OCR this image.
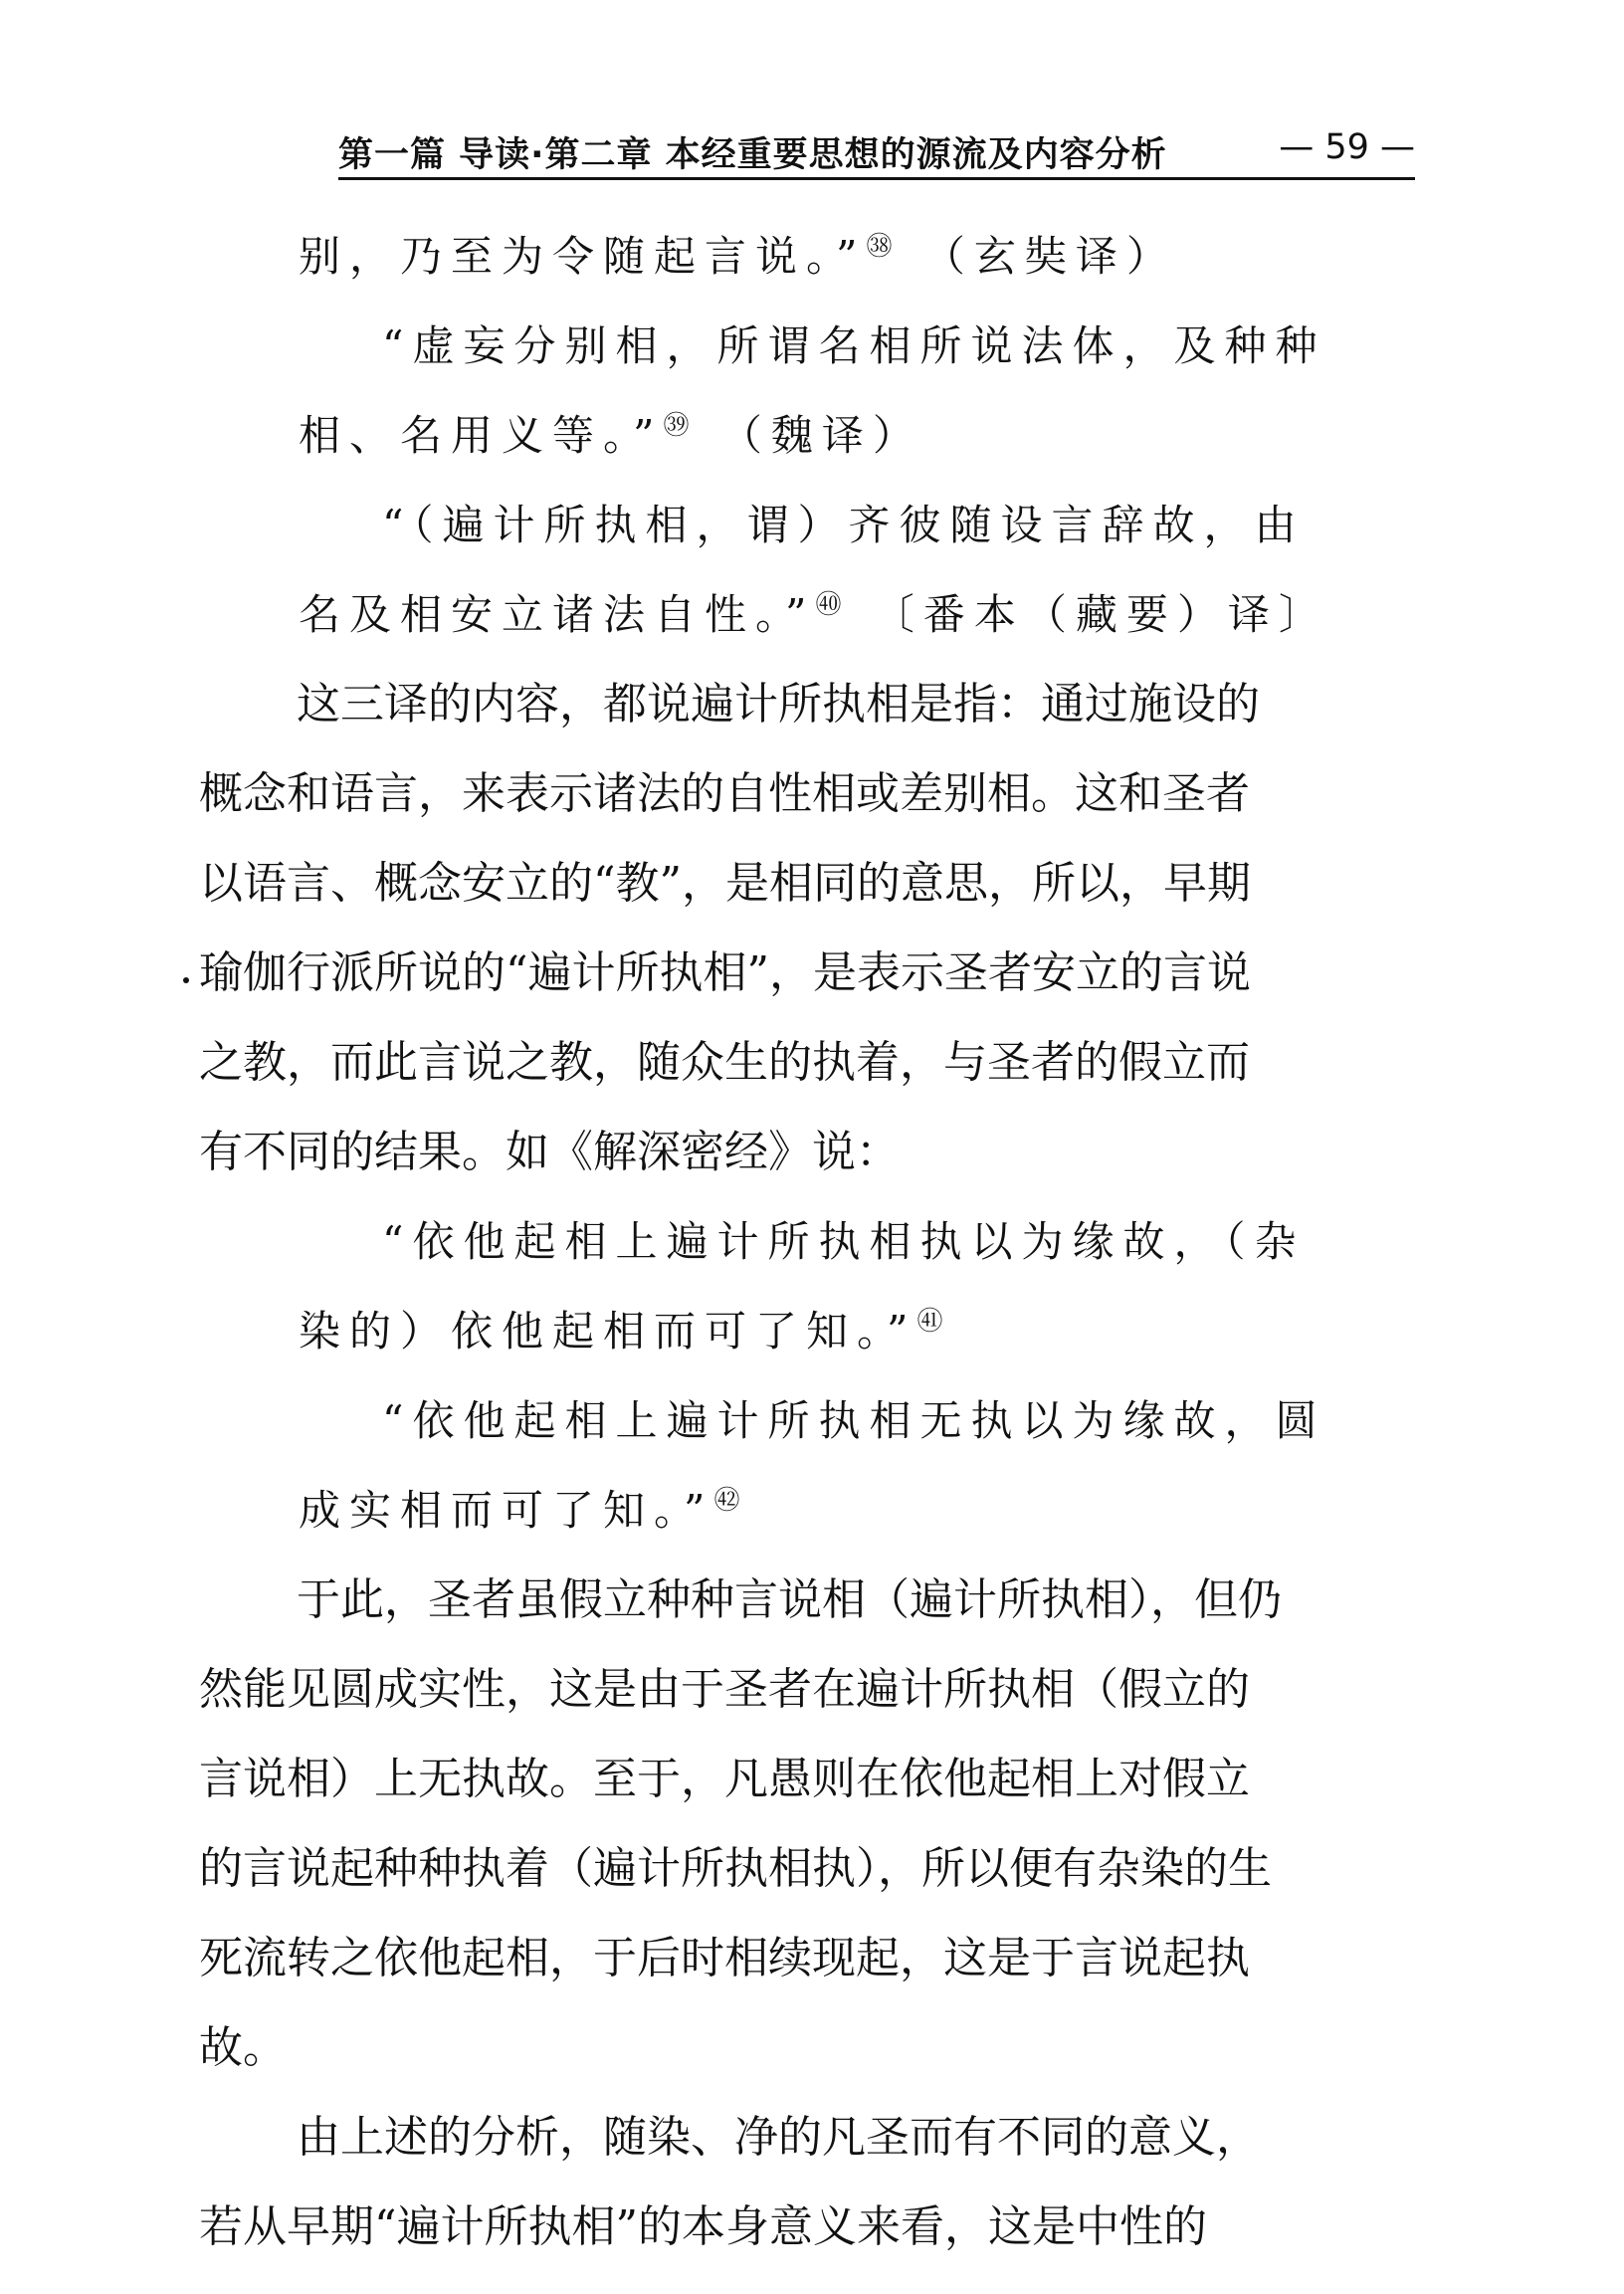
第一篇 导读·第二章 本经重要思想的源流及内容分析	— 59 —
别，乃至为令随起言说。”$^㊳$ （玄奘译）
“虚妄分别相，所谓名相所说法体，及种种
相、名用义等。”$^㊴$ （魏译）
“（遍计所执相，谓）齐彼随设言辞故，由
名及相安立诸法自性。”$^㊵$ 〔番本（藏要）译〕
这三译的内容，都说遍计所执相是指：通过施设的
概念和语言，来表示诸法的自性相或差别相。这和圣者
以语言、概念安立的“教”，是相同的意思，所以，早期
瑜伽行派所说的“遍计所执相”，是表示圣者安立的言说
之教，而此言说之教，随众生的执着，与圣者的假立而
有不同的结果。如《解深密经》说：
“依他起相上遍计所执相执以为缘故，（杂
染的）依他起相而可了知。”$^㊶$
“依他起相上遍计所执相无执以为缘故，圆
成实相而可了知。”$^㊷$
于此，圣者虽假立种种言说相（遍计所执相），但仍
然能见圆成实性，这是由于圣者在遍计所执相（假立的
言说相）上无执故。至于，凡愚则在依他起相上对假立
的言说起种种执着（遍计所执相执），所以便有杂染的生
死流转之依他起相，于后时相续现起，这是于言说起执
故。
由上述的分析，随染、净的凡圣而有不同的意义，
若从早期“遍计所执相”的本身意义来看，这是中性的
